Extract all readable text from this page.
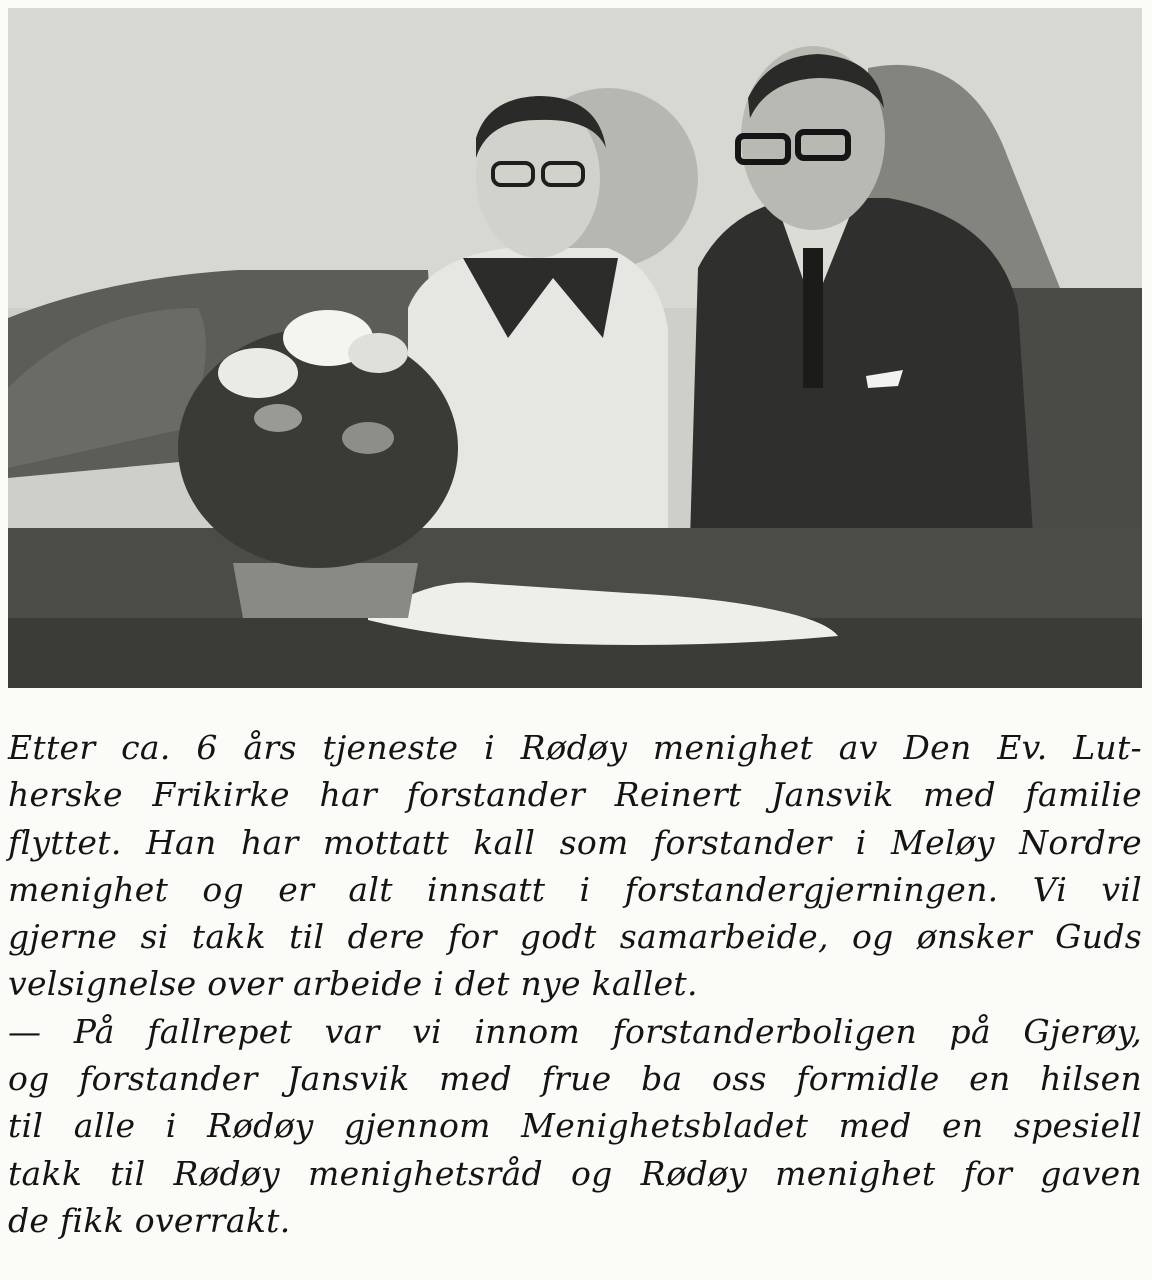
Etter ca. 6 års tjeneste i Rødøy menighet av Den Ev. Lut-
herske Frikirke har forstander Reinert Jansvik med familie
flyttet. Han har mottatt kall som forstander i Meløy Nordre
menighet og er alt innsatt i forstandergjerningen. Vi vil
gjerne si takk til dere for godt samarbeide, og ønsker Guds
velsignelse over arbeide i det nye kallet.
— På fallrepet var vi innom forstanderboligen på Gjerøy,
og forstander Jansvik med frue ba oss formidle en hilsen
til alle i Rødøy gjennom Menighetsbladet med en spesiell
takk til Rødøy menighetsråd og Rødøy menighet for gaven
de fikk overrakt.
